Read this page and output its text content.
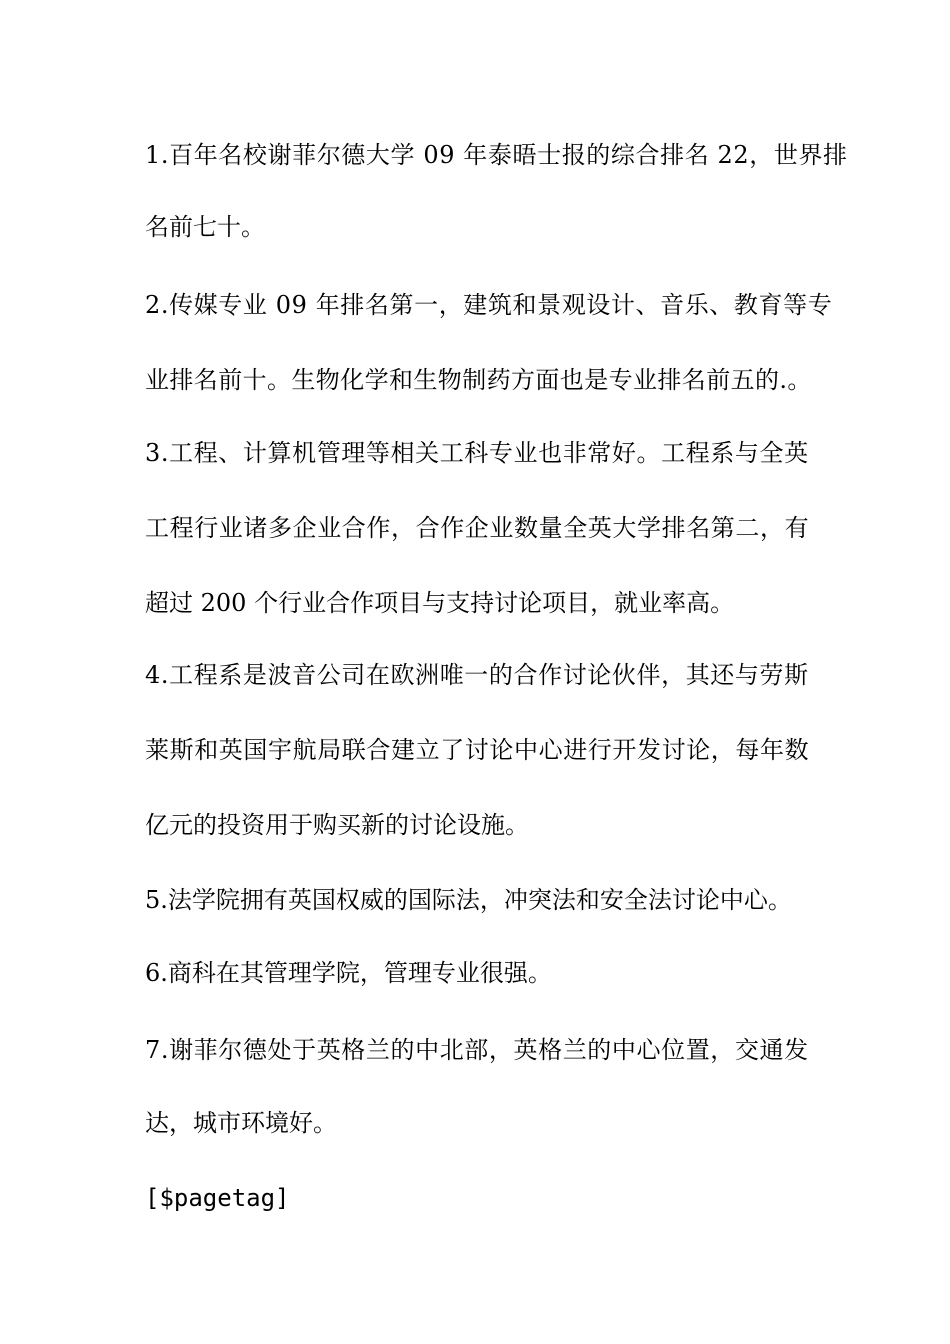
1.百年名校谢菲尔德大学 09 年泰晤士报的综合排名 22，世界排
名前七十。
2.传媒专业 09 年排名第一，建筑和景观设计、音乐、教育等专
业排名前十。生物化学和生物制药方面也是专业排名前五的.。
3.工程、计算机管理等相关工科专业也非常好。工程系与全英
工程行业诸多企业合作，合作企业数量全英大学排名第二，有
超过 200 个行业合作项目与支持讨论项目，就业率高。
4.工程系是波音公司在欧洲唯一的合作讨论伙伴，其还与劳斯
莱斯和英国宇航局联合建立了讨论中心进行开发讨论，每年数
亿元的投资用于购买新的讨论设施。
5.法学院拥有英国权威的国际法，冲突法和安全法讨论中心。
6.商科在其管理学院，管理专业很强。
7.谢菲尔德处于英格兰的中北部，英格兰的中心位置，交通发
达，城市环境好。
[$pagetag]
